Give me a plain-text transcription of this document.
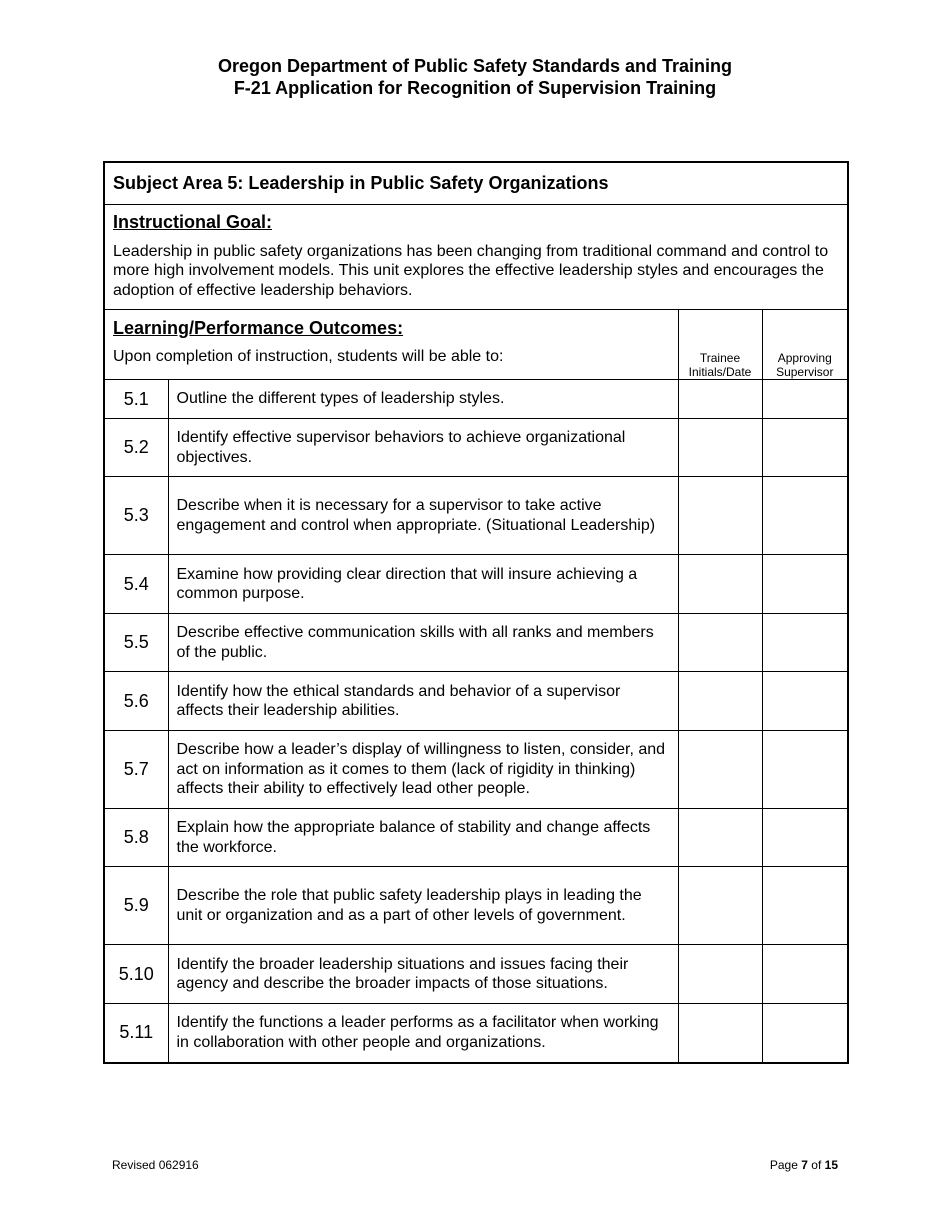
Oregon Department of Public Safety Standards and Training
F-21 Application for Recognition of Supervision Training
Subject Area 5: Leadership in Public Safety Organizations			

Instructional Goal:
Leadership in public safety organizations has been changing from traditional command and control to more high involvement models. This unit explores the effective leadership styles and encourages the adoption of effective leadership behaviors.			

Learning/Performance Outcomes:
Upon completion of instruction, students will be able to:		Trainee Initials/Date	Approving Supervisor
5.1	Outline the different types of leadership styles.		
5.2	Identify effective supervisor behaviors to achieve organizational objectives.		
5.3	Describe when it is necessary for a supervisor to take active engagement and control when appropriate. (Situational Leadership)		
5.4	Examine how providing clear direction that will insure achieving a common purpose.		
5.5	Describe effective communication skills with all ranks and members of the public.		
5.6	Identify how the ethical standards and behavior of a supervisor affects their leadership abilities.		
5.7	Describe how a leader’s display of willingness to listen, consider, and act on information as it comes to them (lack of rigidity in thinking) affects their ability to effectively lead other people.		
5.8	Explain how the appropriate balance of stability and change affects the workforce.		
5.9	Describe the role that public safety leadership plays in leading the unit or organization and as a part of other levels of government.		
5.10	Identify the broader leadership situations and issues facing their agency and describe the broader impacts of those situations.		
5.11	Identify the functions a leader performs as a facilitator when working in collaboration with other people and organizations.		
Revised 062916	Page 7 of 15
